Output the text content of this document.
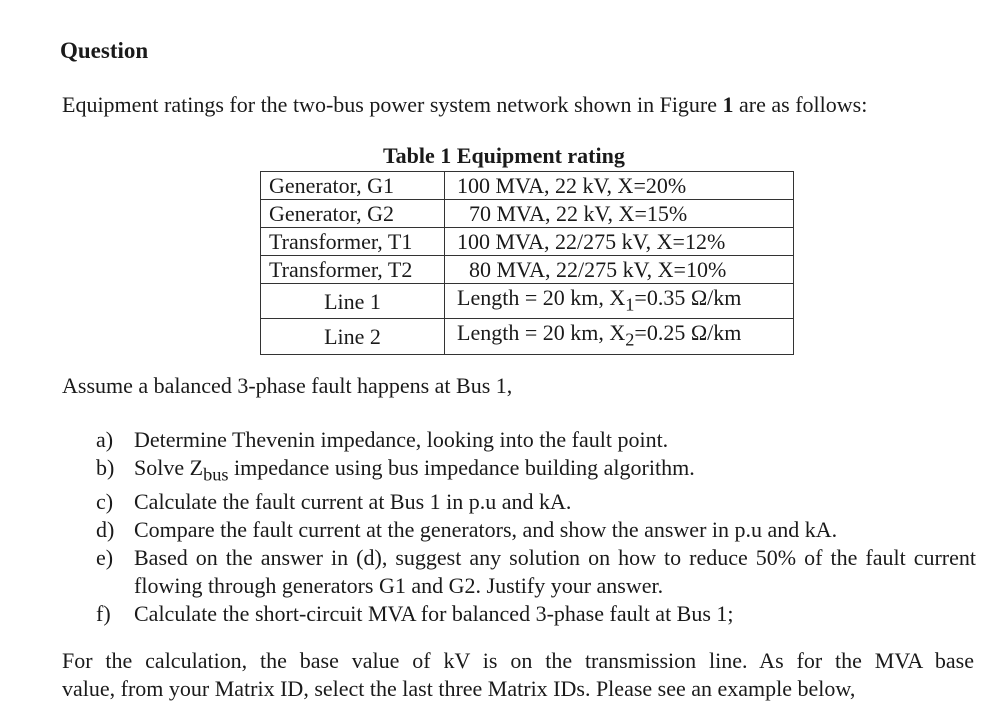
Question
Equipment ratings for the two-bus power system network shown in Figure 1 are as follows:
Table 1 Equipment rating
Generator, G1	100 MVA, 22 kV, X=20%
Generator, G2	70 MVA, 22 kV, X=15%
Transformer, T1	100 MVA, 22/275 kV, X=12%
Transformer, T2	80 MVA, 22/275 kV, X=10%
Line 1	Length = 20 km, $X_1=0.35$ Ω/km
Line 2	Length = 20 km, $X_2=0.25$ Ω/km
Assume a balanced 3-phase fault happens at Bus 1,
a) Determine Thevenin impedance, looking into the fault point.
b) Solve $Z_{bus}$ impedance using bus impedance building algorithm.
c) Calculate the fault current at Bus 1 in p.u and kA.
d) Compare the fault current at the generators, and show the answer in p.u and kA.
e) Based on the answer in (d), suggest any solution on how to reduce 50% of the fault current flowing through generators G1 and G2. Justify your answer.
f)	Calculate the short-circuit MVA for balanced 3-phase fault at Bus 1;
For the calculation, the base value of kV is on the transmission line. As for the MVA base
value, from your Matrix ID, select the last three Matrix IDs. Please see an example below,
